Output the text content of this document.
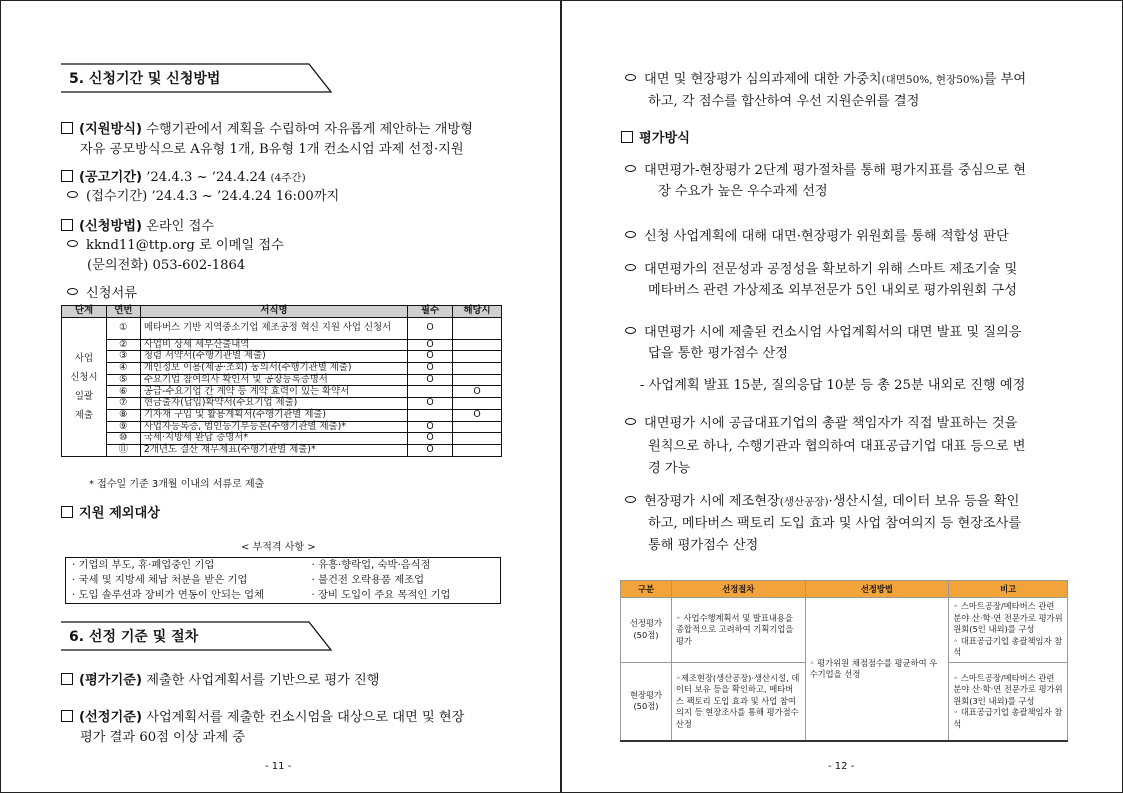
5. 신청기간 및 신청방법
(지원방식) 수행기관에서 계획을 수립하여 자유롭게 제안하는 개방형
자유 공모방식으로 A유형 1개, B유형 1개 컨소시엄 과제 선정·지원
(공고기간) ’24.4.3 ~ ’24.4.24 (4주간)
(접수기간) ’24.4.3 ~ ’24.4.24 16:00까지
(신청방법) 온라인 접수
kknd11@ttp.org 로 이메일 접수
(문의전화) 053-602-1864
신청서류
단계	연번	서식명	필수	해당시

사업
신청시
일괄
제출	①	메타버스 기반 지역중소기업 제조공정 혁신 지원 사업 신청서	O	
	②	사업비 상세 세부산출내역	O	
	③	청렴 서약서(수행기관별 제출)	O	
	④	개인정보 이용(제공·조회) 동의서(수행기관별 제출)	O	
	⑤	수요기업 참여의사 확인서 및 공장등록증명서	O	
	⑥	공급-수요기업 간 계약 등 계약 효력이 있는 확약서		O
	⑦	현금출자(납입)확약서(수요기업 제출)	O	
	⑧	기자재 구입 및 활용계획서(수행기관별 제출)		O
	⑨	사업자등록증, 법인등기부등본(수행기관별 제출)*	O	
	⑩	국세·지방세 완납 증명서*	O	
	⑪	2개년도 결산 재무제표(수행기관별 제출)*	O	
* 접수일 기준 3개월 이내의 서류로 제출
지원 제외대상
< 부적격 사항 >
· 기업의 부도, 휴·폐업중인 기업	· 유흥·향락업, 숙박·음식점
· 국세 및 지방세 체납 처분을 받은 기업	· 불건전 오락용품 제조업
· 도입 솔루션과 장비가 연동이 안되는 업체	· 장비 도입이 주요 목적인 기업
6. 선정 기준 및 절차
(평가기준) 제출한 사업계획서를 기반으로 평가 진행
(선정기준) 사업계획서를 제출한 컨소시엄을 대상으로 대면 및 현장
평가 결과 60점 이상 과제 중
- 11 -
대면 및 현장평가 심의과제에 대한 가중치(대면50%, 현장50%)를 부여
하고, 각 점수를 합산하여 우선 지원순위를 결정
평가방식
대면평가-현장평가 2단계 평가절차를 통해 평가지표를 중심으로 현
장 수요가 높은 우수과제 선정
신청 사업계획에 대해 대면·현장평가 위원회를 통해 적합성 판단
대면평가의 전문성과 공정성을 확보하기 위해 스마트 제조기술 및
메타버스 관련 가상제조 외부전문가 5인 내외로 평가위원회 구성
대면평가 시에 제출된 컨소시엄 사업계획서의 대면 발표 및 질의응
답을 통한 평가점수 산정
- 사업계획 발표 15분, 질의응답 10분 등 총 25분 내외로 진행 예정
대면평가 시에 공급대표기업의 총괄 책임자가 직접 발표하는 것을
원칙으로 하나, 수행기관과 협의하여 대표공급기업 대표 등으로 변
경 가능
현장평가 시에 제조현장(생산공장)·생산시설, 데이터 보유 등을 확인
하고, 메타버스 팩토리 도입 효과 및 사업 참여의지 등 현장조사를
통해 평가점수 산정
- 12 -
구분	선정절차	선정방법	비고
선정평가
(50점)	◦ 사업수행계획서 및 발표내용을 종합적으로 고려하여 기획기업을 평가	◦ 평가위원 채점점수를 평균하여 우수기업을 선정	◦ 스마트공장/메타버스 관련 분야 산·학·연 전문가로 평가위원회(5인 내외)를 구성
◦ 대표공급기업 총괄책임자 참석
현장평가
(50점)	◦제조현장(생산공장)·생산시설, 데이터 보유 등을 확인하고, 메타버스 팩토리 도입 효과 및 사업 참여의지 등 현장조사를 통해 평가점수 산정		◦ 스마트공장/메타버스 관련 분야 산·학·연 전문가로 평가위원회(3인 내외)를 구성
◦ 대표공급기업 총괄책임자 참석
